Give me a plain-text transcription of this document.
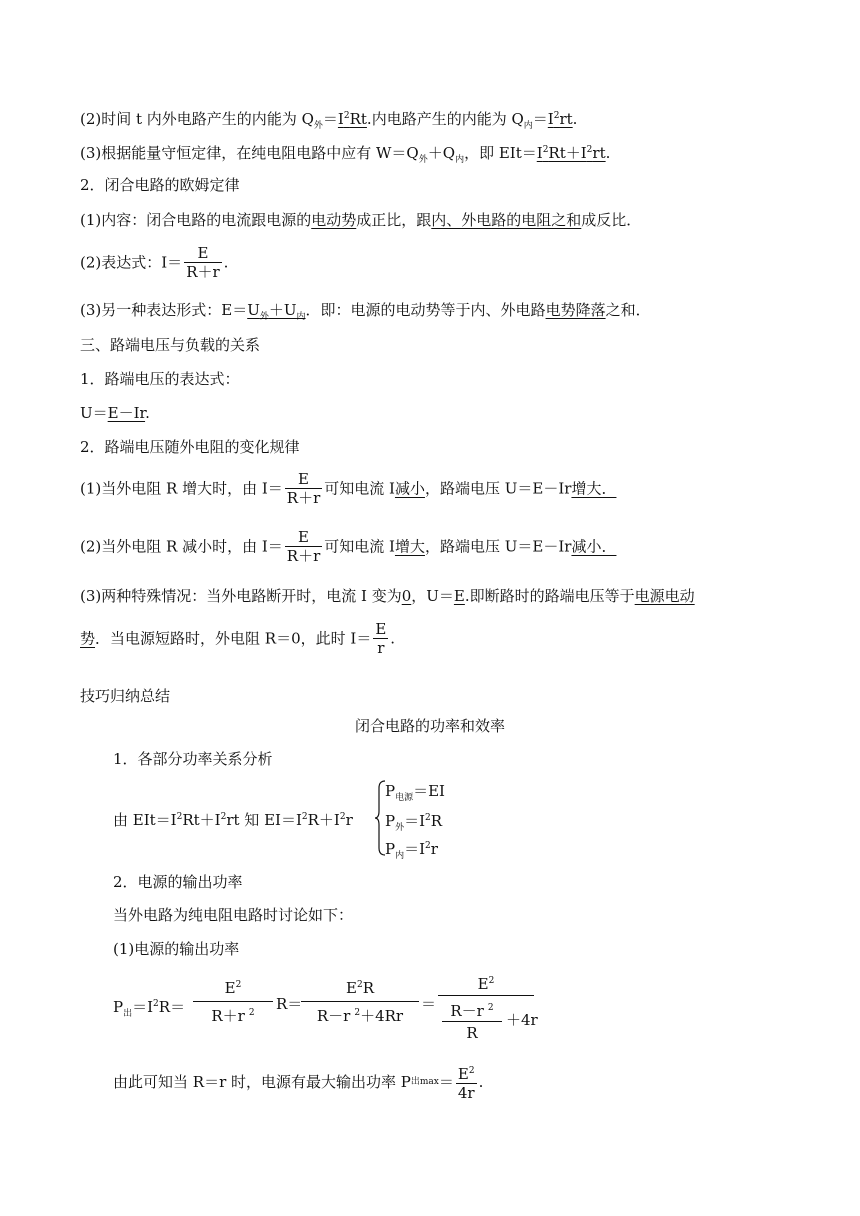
(2)时间 t 内外电路产生的内能为 $Q_外=I^2Rt$.内电路产生的内能为 $Q_内=I^2rt$.
(3)根据能量守恒定律，在纯电阻电路中应有 $W=Q_外+Q_内$，即 $EIt=I^2Rt+I^2rt$.
2．闭合电路的欧姆定律
(1)内容：闭合电路的电流跟电源的电动势成正比，跟内、外电路的电阻之和成反比．
(2)表达式：$I= \frac{E}{R+r}$ .
(3)另一种表达形式：$E=U_外+U_内$．即：电源的电动势等于内、外电路电势降落之和．
三、路端电压与负载的关系
1．路端电压的表达式：
U＝E－Ir.
2．路端电压随外电阻的变化规律
(1)当外电阻 R 增大时，由 $I= \frac{E}{R+r}$ 可知电流 I减小，路端电压 U＝E－Ir增大．
(2)当外电阻 R 减小时，由 $I= \frac{E}{R+r}$ 可知电流 I增大，路端电压 U＝E－Ir减小．
(3)两种特殊情况：当外电路断开时，电流 I 变为0，U＝E.即断路时的路端电压等于电源电动
势．当电源短路时，外电阻 R＝0，此时 $I= \frac{E}{r}$ .
技巧归纳总结
闭合电路的功率和效率
1．各部分功率关系分析
由 $EIt=I^2Rt+I^2rt$ 知 $EI=I^2R+I^2r$
$P_{电源}=EI$
$P_外=I^2R$
$P_内=I^2r$
2．电源的输出功率
当外电路为纯电阻电路时讨论如下：
(1)电源的输出功率
$P_出=I^2R=$
$E^2$
R＋r $^2$	R＝
$E^2R$
R－r $^2$＋4Rr
＝
$E^2$
R－r $^2$
R
＋4r
由此可知当 R＝r 时，电源有最大输出功率 P出$\max= \frac{E^2}{4r}$ .
